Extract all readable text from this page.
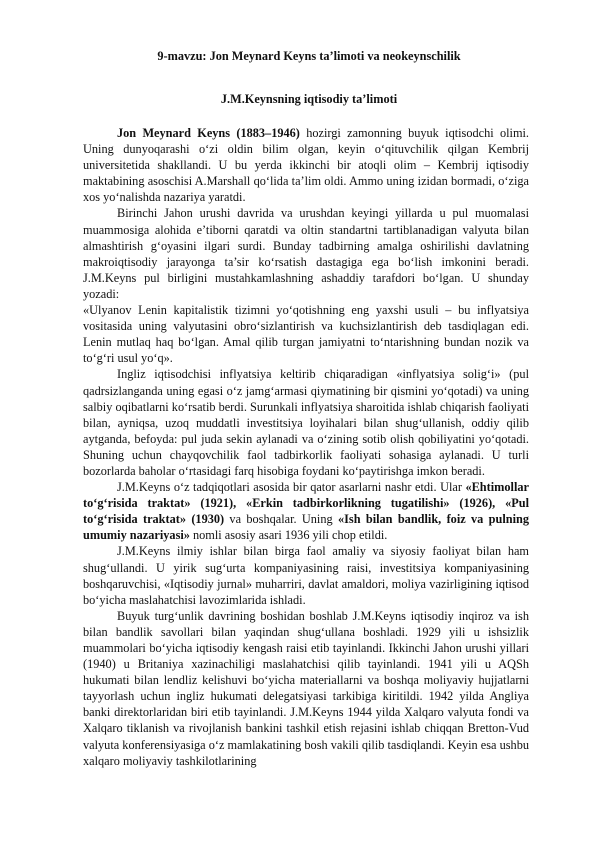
9-mavzu: Jon Meynard Keyns ta’limoti va neokeynschilik

J.M.Keynsning iqtisodiy ta’limoti

Jon Meynard Keyns (1883–1946) hozirgi zamonning buyuk iqtisodchi olimi. Uning dunyoqarashi o‘zi oldin bilim olgan, keyin o‘qituvchilik qilgan Kembrij universitetida shakllandi. U bu yerda ikkinchi bir atoqli olim – Kembrij iqtisodiy maktabining asoschisi A.Marshall qo‘lida ta’lim oldi. Ammo uning izidan bormadi, o‘ziga xos yo‘nalishda nazariya yaratdi.

Birinchi Jahon urushi davrida va urushdan keyingi yillarda u pul muomalasi muammosiga alohida e’tiborni qaratdi va oltin standartni tartiblanadigan valyuta bilan almashtirish g‘oyasini ilgari surdi. Bunday tadbirning amalga oshirilishi davlatning makroiqtisodiy jarayonga ta’sir ko‘rsatish dastagiga ega bo‘lish imkonini beradi. J.M.Keyns pul birligini mustahkamlashning ashaddiy tarafdori bo‘lgan. U shunday yozadi:

«Ulyanov Lenin kapitalistik tizimni yo‘qotishning eng yaxshi usuli – bu inflyatsiya vositasida uning valyutasini obro‘sizlantirish va kuchsizlantirish deb tasdiqlagan edi. Lenin mutlaq haq bo‘lgan. Amal qilib turgan jamiyatni to‘ntarishning bundan nozik va to‘g‘ri usul yo‘q».

Ingliz iqtisodchisi inflyatsiya keltirib chiqaradigan «inflyatsiya solig‘i» (pul qadrsizlanganda uning egasi o‘z jamg‘armasi qiymatining bir qismini yo‘qotadi) va uning salbiy oqibatlarni ko‘rsatib berdi. Surunkali inflyatsiya sharoitida ishlab chiqarish faoliyati bilan, ayniqsa, uzoq muddatli investitsiya loyihalari bilan shug‘ullanish, oddiy qilib aytganda, befoyda: pul juda sekin aylanadi va o‘zining sotib olish qobiliyatini yo‘qotadi. Shuning uchun chayqovchilik faol tadbirkorlik faoliyati sohasiga aylanadi. U turli bozorlarda baholar o‘rtasidagi farq hisobiga foydani ko‘paytirishga imkon beradi.

J.M.Keyns o‘z tadqiqotlari asosida bir qator asarlarni nashr etdi. Ular «Ehtimollar to‘g‘risida traktat» (1921), «Erkin tadbirkorlikning tugatilishi» (1926), «Pul to‘g‘risida traktat» (1930) va boshqalar. Uning «Ish bilan bandlik, foiz va pulning umumiy nazariyasi» nomli asosiy asari 1936 yili chop etildi.

J.M.Keyns ilmiy ishlar bilan birga faol amaliy va siyosiy faoliyat bilan ham shug‘ullandi. U yirik sug‘urta kompaniyasining raisi, investitsiya kompaniyasining boshqaruvchisi, «Iqtisodiy jurnal» muharriri, davlat amaldori, moliya vazirligining iqtisod bo‘yicha maslahatchisi lavozimlarida ishladi.

Buyuk turg‘unlik davrining boshidan boshlab J.M.Keyns iqtisodiy inqiroz va ish bilan bandlik savollari bilan yaqindan shug‘ullana boshladi. 1929 yili u ishsizlik muammolari bo‘yicha iqtisodiy kengash raisi etib tayinlandi. Ikkinchi Jahon urushi yillari (1940) u Britaniya xazinachiligi maslahatchisi qilib tayinlandi. 1941 yili u AQSh hukumati bilan lendliz kelishuvi bo‘yicha materiallarni va boshqa moliyaviy hujjatlarni tayyorlash uchun ingliz hukumati delegatsiyasi tarkibiga kiritildi. 1942 yilda Angliya banki direktorlaridan biri etib tayinlandi. J.M.Keyns 1944 yilda Xalqaro valyuta fondi va Xalqaro tiklanish va rivojlanish bankini tashkil etish rejasini ishlab chiqqan Bretton-Vud valyuta konferensiyasiga o‘z mamlakatining bosh vakili qilib tasdiqlandi. Keyin esa ushbu xalqaro moliyaviy tashkilotlarining
